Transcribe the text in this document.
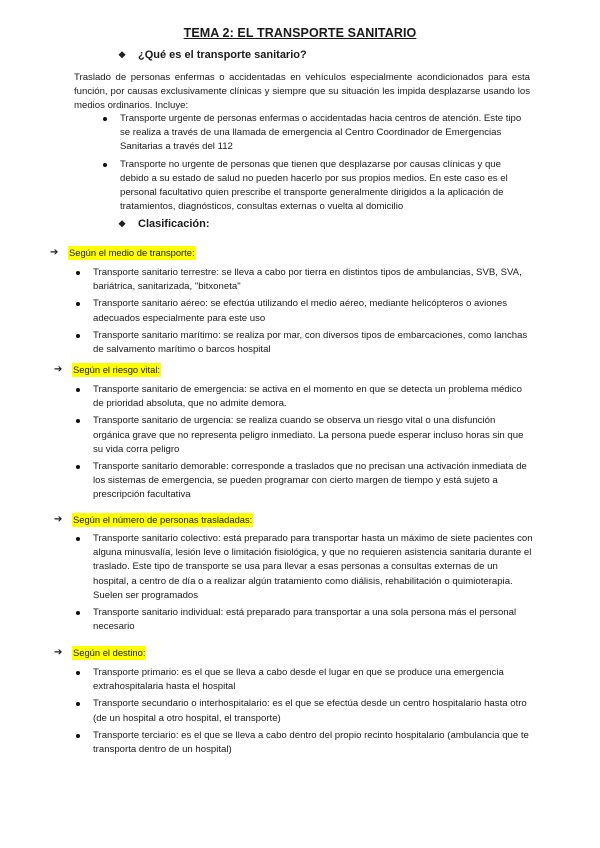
TEMA 2: EL TRANSPORTE SANITARIO
❖	¿Qué es el transporte sanitario?
Traslado de personas enfermas o accidentadas en vehículos especialmente acondicionados para esta función, por causas exclusivamente clínicas y siempre que su situación les impida desplazarse usando los medios ordinarios. Incluye:
Transporte urgente de personas enfermas o accidentadas hacia centros de atención. Este tipo se realiza a través de una llamada de emergencia al Centro Coordinador de Emergencias Sanitarias a través del 112
Transporte no urgente de personas que tienen que desplazarse por causas clínicas y que debido a su estado de salud no pueden hacerlo por sus propios medios. En este caso es el personal facultativo quien prescribe el transporte generalmente dirigidos a la aplicación de tratamientos, diagnósticos, consultas externas o vuelta al domicilio
❖	Clasificación:
➔	Según el medio de transporte:
Transporte sanitario terrestre: se lleva a cabo por tierra en distintos tipos de ambulancias, SVB, SVA, bariátrica, sanitarizada, "bitxoneta"
Transporte sanitario aéreo: se efectúa utilizando el medio aéreo, mediante helicópteros o aviones adecuados especialmente para este uso
Transporte sanitario marítimo: se realiza por mar, con diversos tipos de embarcaciones, como lanchas de salvamento marítimo o barcos hospital
➔	Según el riesgo vital:
Transporte sanitario de emergencia: se activa en el momento en que se detecta un problema médico de prioridad absoluta, que no admite demora.
Transporte sanitario de urgencia: se realiza cuando se observa un riesgo vital o una disfunción orgánica grave que no representa peligro inmediato. La persona puede esperar incluso horas sin que su vida corra peligro
Transporte sanitario demorable: corresponde a traslados que no precisan una activación inmediata de los sistemas de emergencia, se pueden programar con cierto margen de tiempo y está sujeto a prescripción facultativa
➔	Según el número de personas trasladadas:
Transporte sanitario colectivo: está preparado para transportar hasta un máximo de siete pacientes con alguna minusvalía, lesión leve o limitación fisiológica, y que no requieren asistencia sanitaria durante el traslado. Este tipo de transporte se usa para llevar a esas personas a consultas externas de un hospital, a centro de día o a realizar algún tratamiento como diálisis, rehabilitación o quimioterapia. Suelen ser programados
Transporte sanitario individual: está preparado para transportar a una sola persona más el personal necesario
➔	Según el destino:
Transporte primario: es el que se lleva a cabo desde el lugar en que se produce una emergencia extrahospitalaria hasta el hospital
Transporte secundario o interhospitalario: es el que se efectúa desde un centro hospitalario hasta otro (de un hospital a otro hospital, el transporte)
Transporte terciario: es el que se lleva a cabo dentro del propio recinto hospitalario (ambulancia que te transporta dentro de un hospital)
